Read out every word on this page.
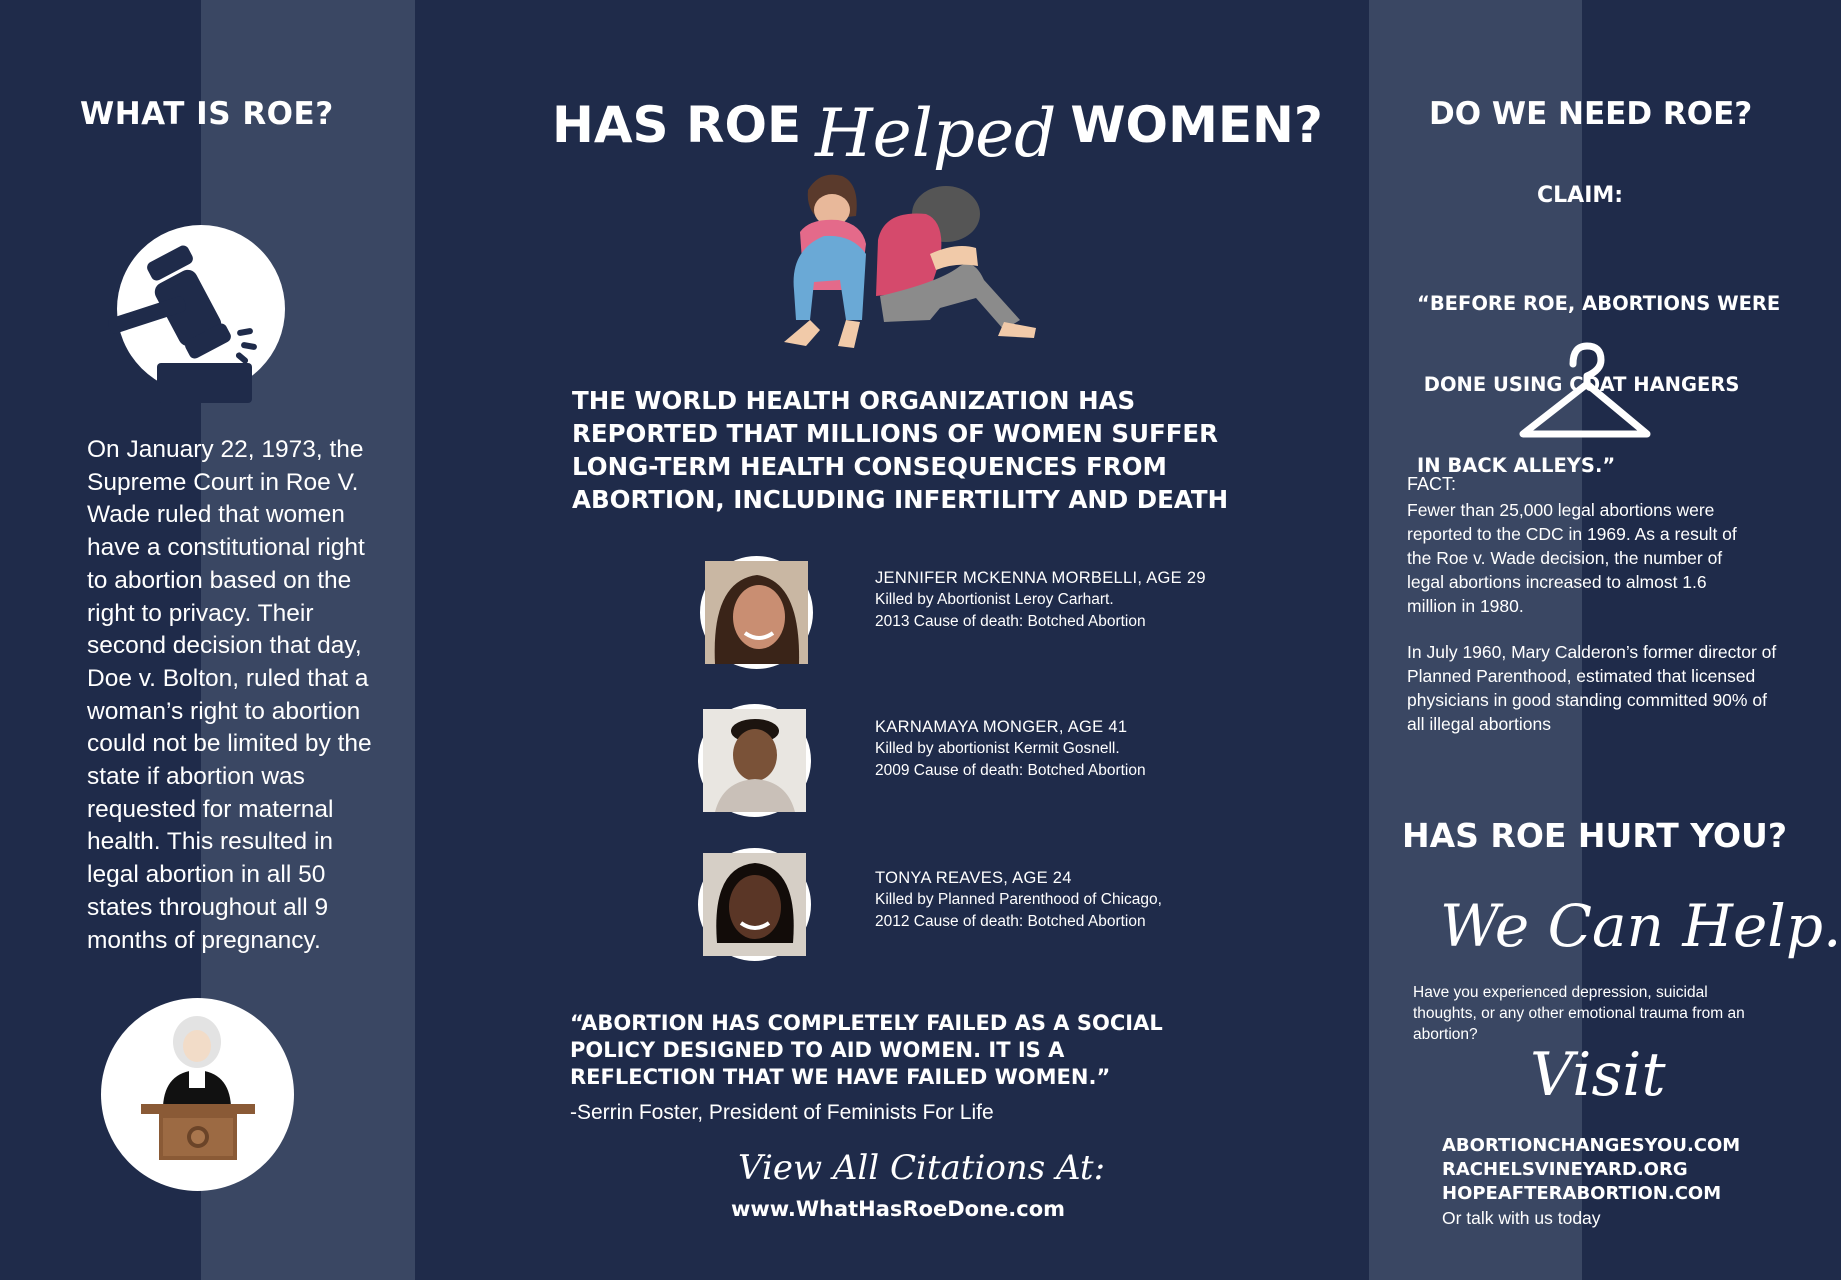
WHAT IS ROE?
On January 22, 1973, the Supreme Court in Roe V. Wade ruled that women have a constitutional right to abortion based on the right to privacy. Their second decision that day, Doe v. Bolton, ruled that a woman’s right to abortion could not be limited by the state if abortion was requested for maternal health. This resulted in legal abortion in all 50 states throughout all 9 months of pregnancy.
HAS ROE Helped WOMEN?
THE WORLD HEALTH ORGANIZATION HAS REPORTED THAT MILLIONS OF WOMEN SUFFER LONG-TERM HEALTH CONSEQUENCES FROM ABORTION, INCLUDING INFERTILITY AND DEATH
JENNIFER MCKENNA MORBELLI, AGE 29
Killed by Abortionist Leroy Carhart.
2013 Cause of death: Botched Abortion
KARNAMAYA MONGER, AGE 41
Killed by abortionist Kermit Gosnell.
2009 Cause of death: Botched Abortion
TONYA REAVES, AGE 24
Killed by Planned Parenthood of Chicago,
2012 Cause of death: Botched Abortion
“ABORTION HAS COMPLETELY FAILED AS A SOCIAL POLICY DESIGNED TO AID WOMEN. IT IS A REFLECTION THAT WE HAVE FAILED WOMEN.”
-Serrin Foster, President of Feminists For Life
View All Citations At:
www.WhatHasRoeDone.com
DO WE NEED ROE?
CLAIM:

“BEFORE ROE, ABORTIONS WERE

DONE USING COAT HANGERS

IN BACK ALLEYS.”

FACT:
Fewer than 25,000 legal abortions were reported to the CDC in 1969. As a result of the Roe v. Wade decision, the number of legal abortions increased to almost 1.6 million in 1980.
In July 1960, Mary Calderon’s former director of Planned Parenthood, estimated that licensed physicians in good standing committed 90% of all illegal abortions
HAS ROE HURT YOU?
We Can Help.
Have you experienced depression, suicidal thoughts, or any other emotional trauma from an abortion?
Visit
ABORTIONCHANGESYOU.COM
RACHELSVINEYARD.ORG
HOPEAFTERABORTION.COM
Or talk with us today
